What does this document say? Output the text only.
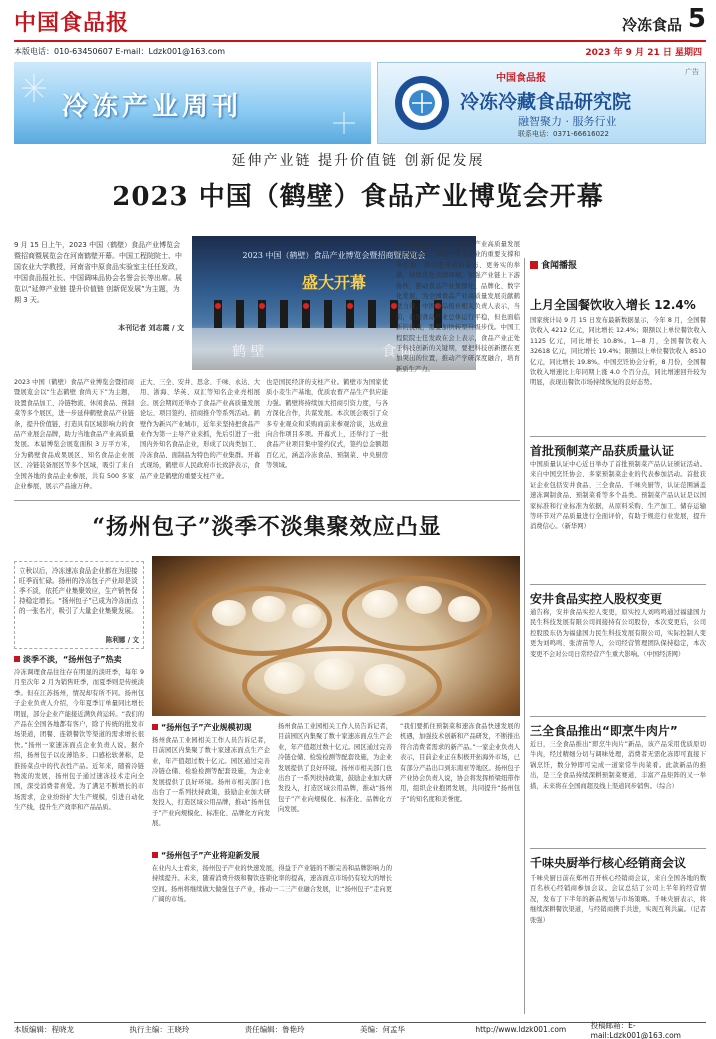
中国食品报	冷冻食品 5
本版电话：010-63450607 E-mail：Ldzk001@163.com	2023 年 9 月 21 日 星期四
冷冻产业周刊
中国食品报
广告
冷冻冷藏食品研究院
融智聚力 · 服务行业
联系电话：0371-66616022
延伸产业链 提升价值链 创新促发展
2023 中国（鹤壁）食品产业博览会开幕
9 月 15 日上午，2023 中国（鹤壁）食品产业博览会暨招商暨展览会在河南鹤壁开幕。中国工程院院士、中国农业大学教授，河南省中原食品实验室主任任发政，中国食品报社长、中国调味品协会名誉会长等出席。展览以“延伸产业链 提升价值链 创新促发展”为主题，为期 3 天。
本刊记者 刘志霞 / 文
2023 中国（鹤壁）食品产业博览会暨招商暨展览会
盛大开幕
鹤 壁	食 尚
2023 中国（鹤壁）食品产业博览会暨招商暨展览会以“生态鹤壁 食尚天下”为主题，设置食品加工、冷链物流、休闲食品、预制菜等多个展区，进一步延伸鹤壁食品产业链条，提升价值链，打造具有区域影响力的食品产业展会品牌，助力当地食品产业高质量发展。本届博览会展览面积 3 万平方米，分为鹤壁食品成果展区、知名食品企业展区、冷链装备展区等多个区域，吸引了来自全国各地的食品企业参展，共有 500 多家企业参展，展示产品逾万种。
正大、三全、安井、思念、千味、永达、大用、浙海、华英、双汇等知名企业亮相展会。展会期间还举办了食品产业高质量发展论坛、项目签约、招商推介等系列活动。鹤壁作为新兴产业城市，近年来坚持把食品产业作为第一主导产业来抓，先后引进了一批国内外知名食品企业，形成了以肉类加工、冷冻食品、面制品为特色的产业集群。开幕式现场，鹤壁市人民政府市长致辞表示，食品产业是鹤壁的重要支柱产业。
也是国民经济的支柱产业。鹤壁市为国家优质小麦生产基地，优质农畜产品生产供应能力强。鹤壁将持续加大招商引资力度，与各方深化合作，共谋发展。本次展会吸引了众多专业观众和采购商前来参观洽谈，达成意向合作项目多项。开幕式上，还举行了一批食品产业项目集中签约仪式，签约总金额超百亿元，涵盖冷冻食品、预制菜、中央厨房等领域。
给本次的展览，是实现食品产业高质量发展的必由之路。食品产业是企业的重要支撑和牵引地，将以更开放的姿态、更务实的举措，持续优化营商环境，加强产业链上下游协作，推动食品产业集群化、品牌化、数字化发展，为全国食品产业高质量发展贡献鹤壁力量。中国食品报社相关负责人表示，当前，我国食品产业总体运行平稳，但也面临新的挑战，需要加快转型升级步伐。中国工程院院士任发政在会上表示，食品产业正处于科技创新的关键期，要把科技创新摆在更加突出的位置，推动产学研深度融合，培育新质生产力。
食闻播报
上月全国餐饮收入增长 12.4%
国家统计局 9 月 15 日发布最新数据显示，今年 8 月，全国餐饮收入 4212 亿元，同比增长 12.4%；限额以上单位餐饮收入 1125 亿元，同比增长 10.8%。1—8 月，全国餐饮收入 32618 亿元，同比增长 19.4%；限额以上单位餐饮收入 8510 亿元，同比增长 19.8%。中国烹饪协会分析，8 月份，全国餐饮收入增速比上年同期上涨 4.0 个百分点，同比增速回升较为明显，表现出餐饮市场持续恢复的良好态势。
首批预制菜产品获质量认证
中国质量认证中心近日举办了首批预制菜产品认证颁证活动。来自中国烹饪协会、多家预制菜企业的代表参加活动。首批获证企业包括安井食品、三全食品、千味央厨等，认证范围涵盖速冻调制食品、预制菜肴等多个品类。预制菜产品认证是以国家标准和行业标准为依据，从原料采购、生产加工、储存运输等环节对产品质量进行全面评价，有助于规范行业发展，提升消费信心。（新华网）
安井食品实控人股权变更
通告称，安井食品实控人变更，原实控人刘鸣鸣通过福建国力民生科技发展有限公司间接持有公司股份，本次变更后，公司控股股东仍为福建国力民生科技发展有限公司，实际控制人变更为刘鸣鸣、张清苗等人，公司经营管理团队保持稳定，本次变更不会对公司日常经营产生重大影响。（中国经济网）
三全食品推出“即烹牛肉片”
近日，三全食品推出“即烹牛肉片”新品，该产品采用优质原切牛肉，经过精细分切与调味处理，消费者无需化冻即可直接下锅烹饪，数分钟即可完成一道家常牛肉菜肴。此款新品的推出，是三全食品持续深耕预制菜赛道、丰富产品矩阵的又一举措，未来将在全国商超及线上渠道同步销售。（综合）
千味央厨举行核心经销商会议
千味央厨日前在郑州召开核心经销商会议，来自全国各地的数百名核心经销商参加会议。会议总结了公司上半年的经营情况，发布了下半年的新品规划与市场策略。千味央厨表示，将继续深耕餐饮渠道，与经销商携手共进，实现互利共赢。（记者 张强）
“扬州包子”淡季不淡集聚效应凸显
立秋以后，冷冻速冻食品企业都在为迎接旺季而忙碌。扬州的冷冻包子产业却是淡季不淡，依托产业集聚效应，生产销售保持稳定增长。“扬州包子”已成为冷冻面点的一张名片，吸引了大量企业集聚发展。
陈利娜 / 文
淡季不淡，“扬州包子”热卖
冷冻调理食品往往存在明显的淡旺季，每年 9 月至次年 2 月为销售旺季，而夏季则是传统淡季。但在江苏扬州，情况却有所不同。扬州包子企业负责人介绍，今年夏季订单量同比增长明显，部分企业产能接近满负荷运转。“我们的产品在全国各地都有客户，除了传统的批发市场渠道，团餐、连锁餐饮等渠道的需求增长很快。”扬州一家速冻面点企业负责人说。据介绍，扬州包子以皮薄馅多、口感松软著称，是淮扬菜点中的代表性产品。近年来，随着冷链物流的发展，扬州包子通过速冻技术走向全国，深受消费者喜爱。为了满足不断增长的市场需求，企业纷纷扩大生产规模，引进自动化生产线，提升生产效率和产品品质。
“扬州包子”产业规模初现
扬州食品工业园相关工作人员告诉记者，目前园区内集聚了数十家速冻面点生产企业，年产值超过数十亿元。园区通过完善冷链仓储、检验检测等配套设施，为企业发展提供了良好环境。扬州市相关部门也出台了一系列扶持政策，鼓励企业加大研发投入，打造区域公用品牌，推动“扬州包子”产业向规模化、标准化、品牌化方向发展。
“扬州包子”产业将迎新发展
在业内人士看来，扬州包子产业的快速发展，得益于产业链的不断完善和品牌影响力的持续提升。未来，随着消费升级和餐饮连锁化率的提高，速冻面点市场仍有较大的增长空间。扬州将继续做大做强包子产业，推动一二三产业融合发展，让“扬州包子”走向更广阔的市场。
扬州食品工业园相关工作人员告诉记者，目前园区内集聚了数十家速冻面点生产企业，年产值超过数十亿元。园区通过完善冷链仓储、检验检测等配套设施，为企业发展提供了良好环境。扬州市相关部门也出台了一系列扶持政策，鼓励企业加大研发投入，打造区域公用品牌，推动“扬州包子”产业向规模化、标准化、品牌化方向发展。
“我们要抓住预制菜和速冻食品快速发展的机遇，加强技术创新和产品研发，不断推出符合消费者需求的新产品。”一家企业负责人表示，目前企业正在积极开拓海外市场，已有部分产品出口到东南亚等地区。扬州包子产业协会负责人说，协会将发挥桥梁纽带作用，组织企业抱团发展，共同提升“扬州包子”的知名度和美誉度。
本版编辑：程晓龙	执行主编：王晓玲	责任编辑：鲁艳玲	美编：何孟华	http://www.ldzk001.com	投稿邮箱：E-mail:Ldzk001@163.com
